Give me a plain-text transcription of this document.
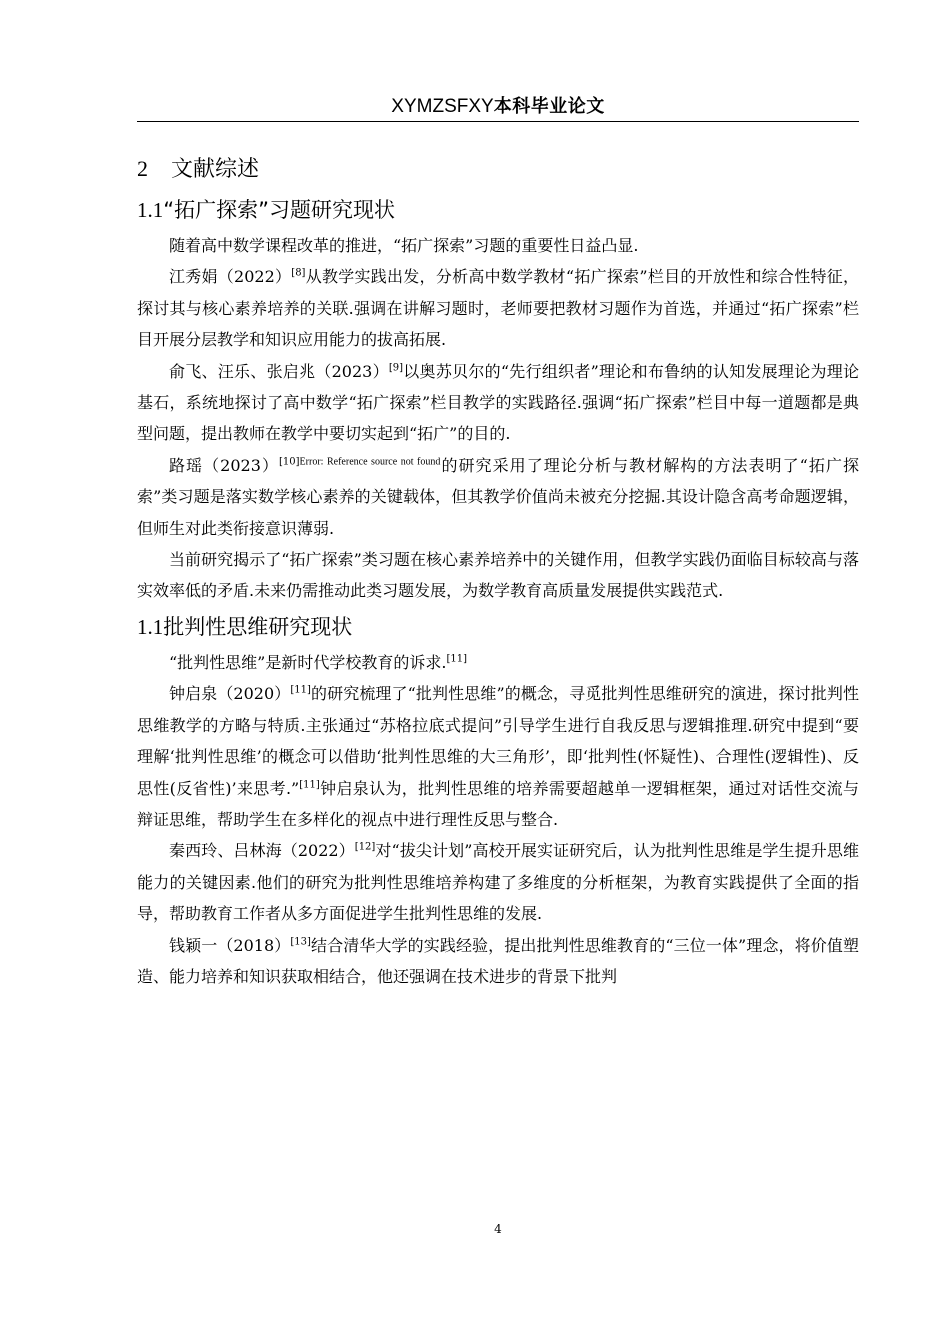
XYMZSFXY本科毕业论文
2 文献综述
1.1“拓广探索”习题研究现状

随着高中数学课程改革的推进，“拓广探索”习题的重要性日益凸显.

江秀娟（2022）[8]从教学实践出发，分析高中数学教材“拓广探索”栏目的开放性和综合性特征，探讨其与核心素养培养的关联.强调在讲解习题时，老师要把教材习题作为首选，并通过“拓广探索”栏目开展分层教学和知识应用能力的拔高拓展.

俞飞、汪乐、张启兆（2023）[9]以奥苏贝尔的“先行组织者”理论和布鲁纳的认知发展理论为理论基石，系统地探讨了高中数学“拓广探索”栏目教学的实践路径.强调“拓广探索”栏目中每一道题都是典型问题，提出教师在教学中要切实起到“拓广”的目的.

路瑶（2023）$^{[10]Error: Reference source not found}$的研究采用了理论分析与教材解构的方法表明了“拓广探索”类习题是落实数学核心素养的关键载体，但其教学价值尚未被充分挖掘.其设计隐含高考命题逻辑，但师生对此类衔接意识薄弱.

当前研究揭示了“拓广探索”类习题在核心素养培养中的关键作用，但教学实践仍面临目标较高与落实效率低的矛盾.未来仍需推动此类习题发展，为数学教育高质量发展提供实践范式.

1.1批判性思维研究现状

“批判性思维”是新时代学校教育的诉求.[11]

钟启泉（2020）[11]的研究梳理了“批判性思维”的概念，寻觅批判性思维研究的演进，探讨批判性思维教学的方略与特质.主张通过“苏格拉底式提问”引导学生进行自我反思与逻辑推理.研究中提到“要理解‘批判性思维’的概念可以借助‘批判性思维的大三角形’，即‘批判性(怀疑性)、合理性(逻辑性)、反思性(反省性)’来思考.”[11]钟启泉认为，批判性思维的培养需要超越单一逻辑框架，通过对话性交流与辩证思维，帮助学生在多样化的视点中进行理性反思与整合.

秦西玲、吕林海（2022）[12]对“拔尖计划”高校开展实证研究后，认为批判性思维是学生提升思维能力的关键因素.他们的研究为批判性思维培养构建了多维度的分析框架，为教育实践提供了全面的指导，帮助教育工作者从多方面促进学生批判性思维的发展.

钱颖一（2018）[13]结合清华大学的实践经验，提出批判性思维教育的“三位一体”理念，将价值塑造、能力培养和知识获取相结合，他还强调在技术进步的背景下批判

4
